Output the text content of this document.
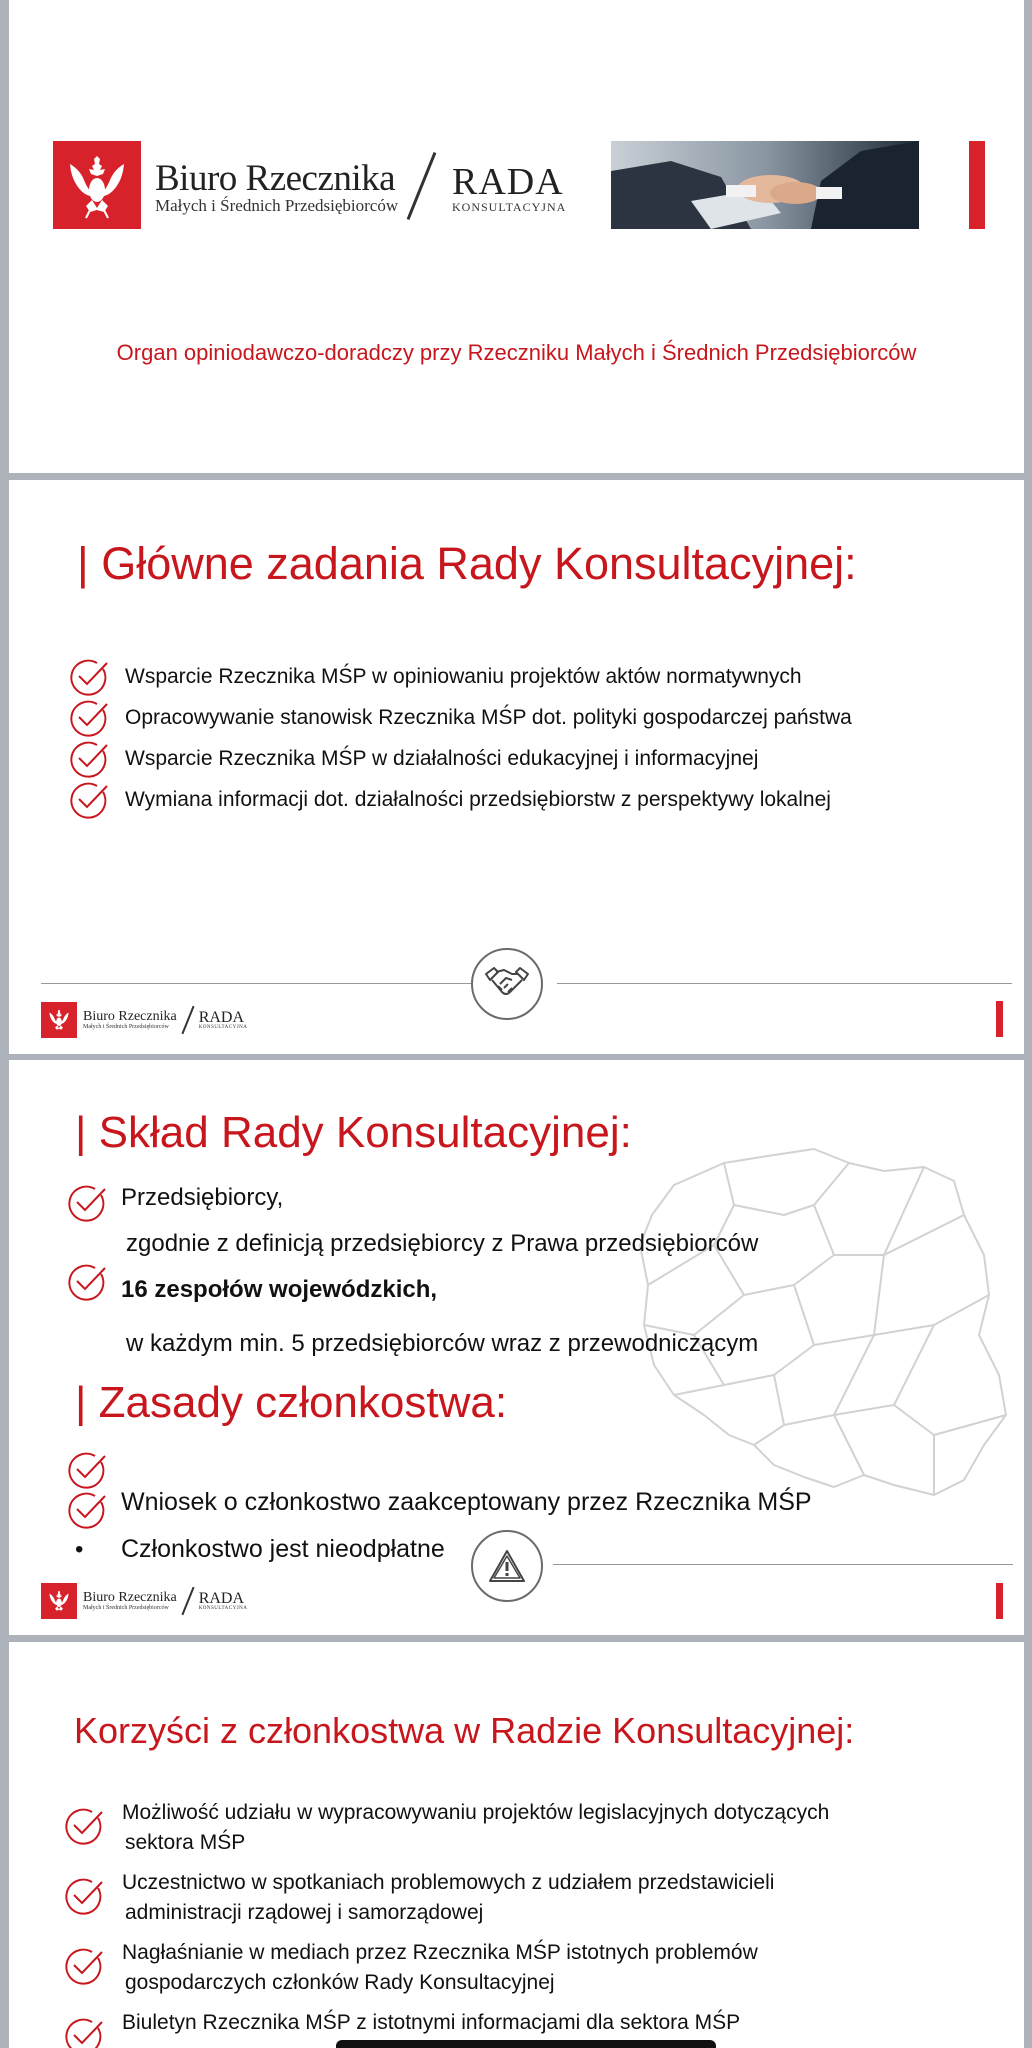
Biuro Rzecznika
Małych i Średnich Przedsiębiorców
RADA
KONSULTACYJNA
Organ opiniodawczo-doradczy przy Rzeczniku Małych i Średnich Przedsiębiorców
| Główne zadania Rady Konsultacyjnej:
Wsparcie Rzecznika MŚP w opiniowaniu projektów aktów normatywnych
Opracowywanie stanowisk Rzecznika MŚP dot. polityki gospodarczej państwa
Wsparcie Rzecznika MŚP w działalności edukacyjnej i informacyjnej
Wymiana informacji dot. działalności przedsiębiorstw z perspektywy lokalnej
Biuro Rzecznika
Małych i Średnich Przedsiębiorców
RADA
KONSULTACYJNA
| Skład Rady Konsultacyjnej:
Przedsiębiorcy,
zgodnie z definicją przedsiębiorcy z Prawa przedsiębiorców
16 zespołów wojewódzkich,
w każdym min. 5 przedsiębiorców wraz z przewodniczącym
| Zasady członkostwa:
Wniosek o członkostwo zaakceptowany przez Rzecznika MŚP
• Członkostwo jest nieodpłatne
Biuro Rzecznika
Małych i Średnich Przedsiębiorców
RADA
KONSULTACYJNA
Korzyści z członkostwa w Radzie Konsultacyjnej:
Możliwość udziału w wypracowywaniu projektów legislacyjnych dotyczących
sektora MŚP
Uczestnictwo w spotkaniach problemowych z udziałem przedstawicieli
administracji rządowej i samorządowej
Nagłaśnianie w mediach przez Rzecznika MŚP istotnych problemów
gospodarczych członków Rady Konsultacyjnej
Biuletyn Rzecznika MŚP z istotnymi informacjami dla sektora MŚP
